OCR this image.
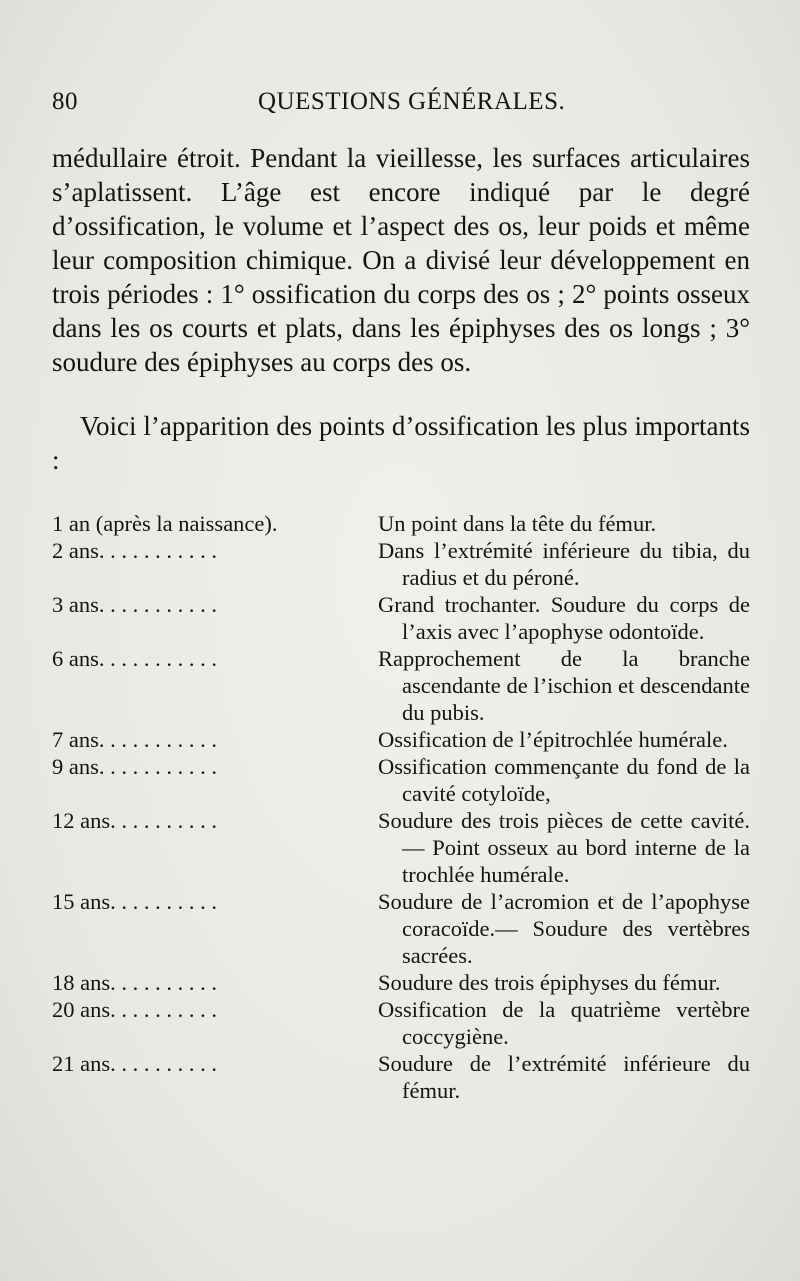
80	QUESTIONS GÉNÉRALES.

médullaire étroit. Pendant la vieillesse, les surfaces articulaires s’aplatissent. L’âge est encore indiqué par le degré d’ossification, le volume et l’aspect des os, leur poids et même leur composition chimique. On a divisé leur développement en trois périodes : 1° ossification du corps des os ; 2° points osseux dans les os courts et plats, dans les épiphyses des os longs ; 3° soudure des épiphyses au corps des os.

Voici l’apparition des points d’ossification les plus importants :

1 an (après la naissance).	Un point dans la tête du fémur.
2 ans. . . . . . . . . . .	Dans l’extrémité inférieure du tibia, du radius et du péroné.
3 ans. . . . . . . . . . .	Grand trochanter. Soudure du corps de l’axis avec l’apophyse odontoïde.
6 ans. . . . . . . . . . .	Rapprochement de la branche ascendante de l’ischion et descendante du pubis.
7 ans. . . . . . . . . . .	Ossification de l’épitrochlée humérale.
9 ans. . . . . . . . . . .	Ossification commençante du fond de la cavité cotyloïde,
12 ans. . . . . . . . . .	Soudure des trois pièces de cette cavité.— Point osseux au bord interne de la trochlée humérale.
15 ans. . . . . . . . . .	Soudure de l’acromion et de l’apophyse coracoïde.— Soudure des vertèbres sacrées.
18 ans. . . . . . . . . .	Soudure des trois épiphyses du fémur.
20 ans. . . . . . . . . .	Ossification de la quatrième vertèbre coccygiène.
21 ans. . . . . . . . . .	Soudure de l’extrémité inférieure du fémur.
